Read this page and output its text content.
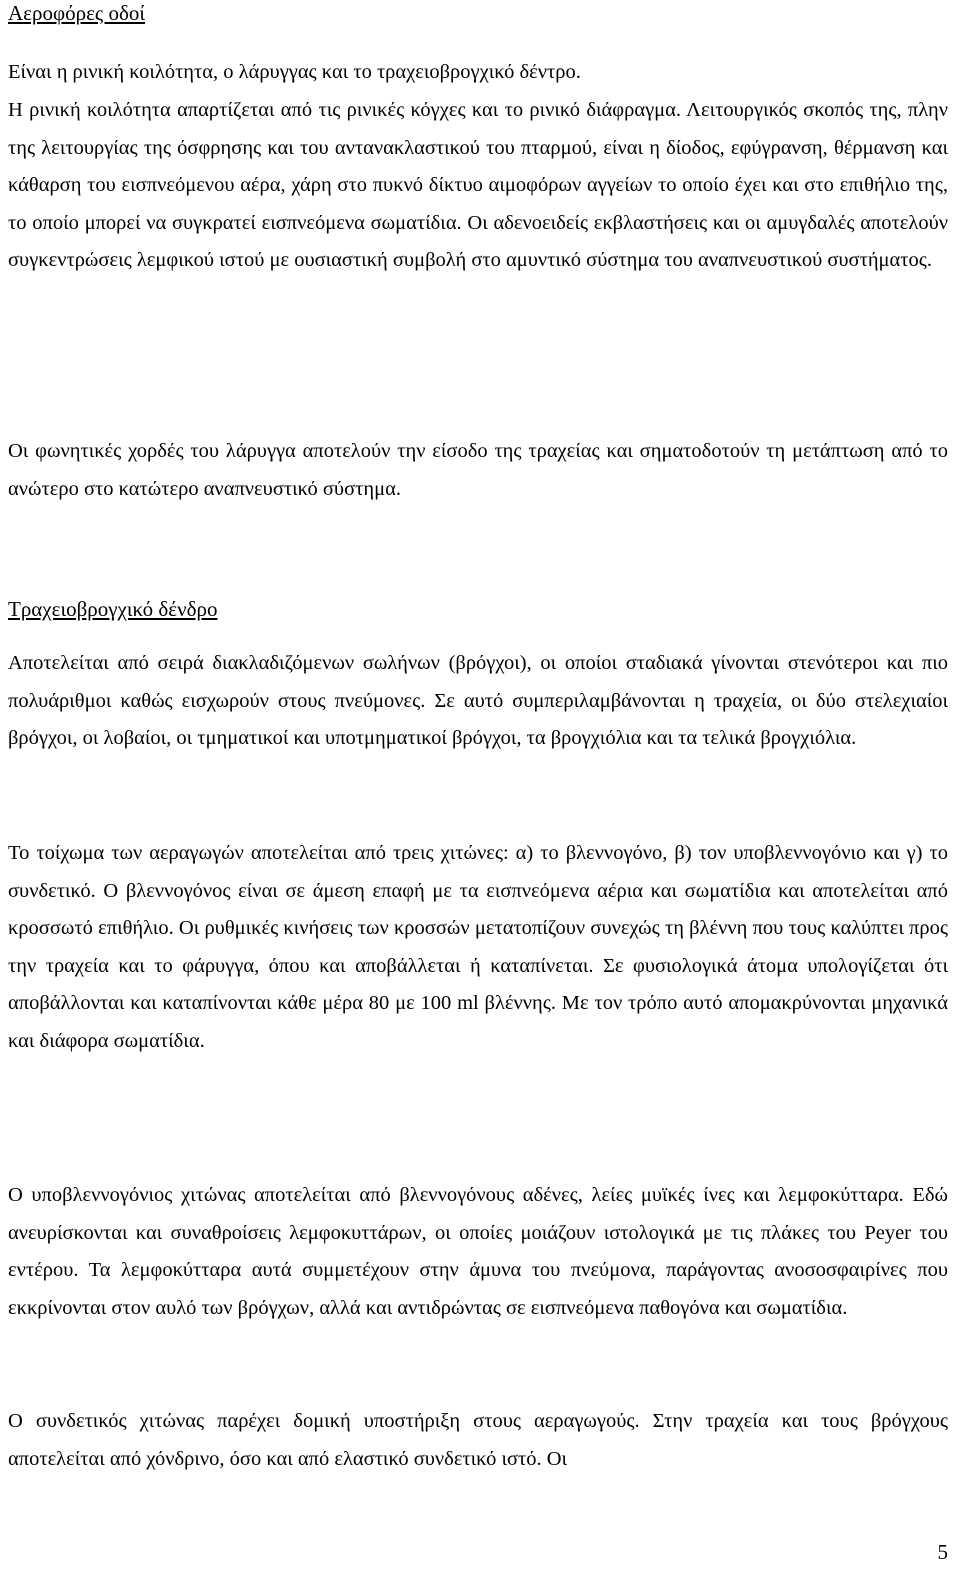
Αεροφόρες οδοί

Είναι η ρινική κοιλότητα, ο λάρυγγας και το τραχειοβρογχικό δέντρο.

Η ρινική κοιλότητα απαρτίζεται από τις ρινικές κόγχες και το ρινικό διάφραγμα. Λειτουργικός σκοπός της, πλην της λειτουργίας της όσφρησης και του αντανακλαστικού του πταρμού, είναι η δίοδος, εφύγρανση, θέρμανση και κάθαρση του εισπνεόμενου αέρα, χάρη στο πυκνό δίκτυο αιμοφόρων αγγείων το οποίο έχει και στο επιθήλιο της, το οποίο μπορεί να συγκρατεί εισπνεόμενα σωματίδια. Οι αδενοειδείς εκβλαστήσεις και οι αμυγδαλές αποτελούν συγκεντρώσεις λεμφικού ιστού με ουσιαστική συμβολή στο αμυντικό σύστημα του αναπνευστικού συστήματος.

Οι φωνητικές χορδές του λάρυγγα αποτελούν την είσοδο της τραχείας και σηματοδοτούν τη μετάπτωση από το ανώτερο στο κατώτερο αναπνευστικό σύστημα.

Τραχειοβρογχικό δένδρο

Αποτελείται από σειρά διακλαδιζόμενων σωλήνων (βρόγχοι), οι οποίοι σταδιακά γίνονται στενότεροι και πιο πολυάριθμοι καθώς εισχωρούν στους πνεύμονες. Σε αυτό συμπεριλαμβάνονται η τραχεία, οι δύο στελεχιαίοι βρόγχοι, οι λοβαίοι, οι τμηματικοί και υποτμηματικοί βρόγχοι, τα βρογχιόλια και τα τελικά βρογχιόλια.

Το τοίχωμα των αεραγωγών αποτελείται από τρεις χιτώνες: α) το βλεννογόνο, β) τον υποβλεννογόνιο και γ) το συνδετικό. Ο βλεννογόνος είναι σε άμεση επαφή με τα εισπνεόμενα αέρια και σωματίδια και αποτελείται από κροσσωτό επιθήλιο. Οι ρυθμικές κινήσεις των κροσσών μετατοπίζουν συνεχώς τη βλέννη που τους καλύπτει προς την τραχεία και το φάρυγγα, όπου και αποβάλλεται ή καταπίνεται. Σε φυσιολογικά άτομα υπολογίζεται ότι αποβάλλονται και καταπίνονται κάθε μέρα 80 με 100 ml βλέννης. Με τον τρόπο αυτό απομακρύνονται μηχανικά και διάφορα σωματίδια.

Ο υποβλεννογόνιος χιτώνας αποτελείται από βλεννογόνους αδένες, λείες μυϊκές ίνες και λεμφοκύτταρα. Εδώ ανευρίσκονται και συναθροίσεις λεμφοκυττάρων, οι οποίες μοιάζουν ιστολογικά με τις πλάκες του Peyer του εντέρου. Τα λεμφοκύτταρα αυτά συμμετέχουν στην άμυνα του πνεύμονα, παράγοντας ανοσοσφαιρίνες που εκκρίνονται στον αυλό των βρόγχων, αλλά και αντιδρώντας σε εισπνεόμενα παθογόνα και σωματίδια.

Ο συνδετικός χιτώνας παρέχει δομική υποστήριξη στους αεραγωγούς. Στην τραχεία και τους βρόγχους αποτελείται από χόνδρινο, όσο και από ελαστικό συνδετικό ιστό. Οι

5
